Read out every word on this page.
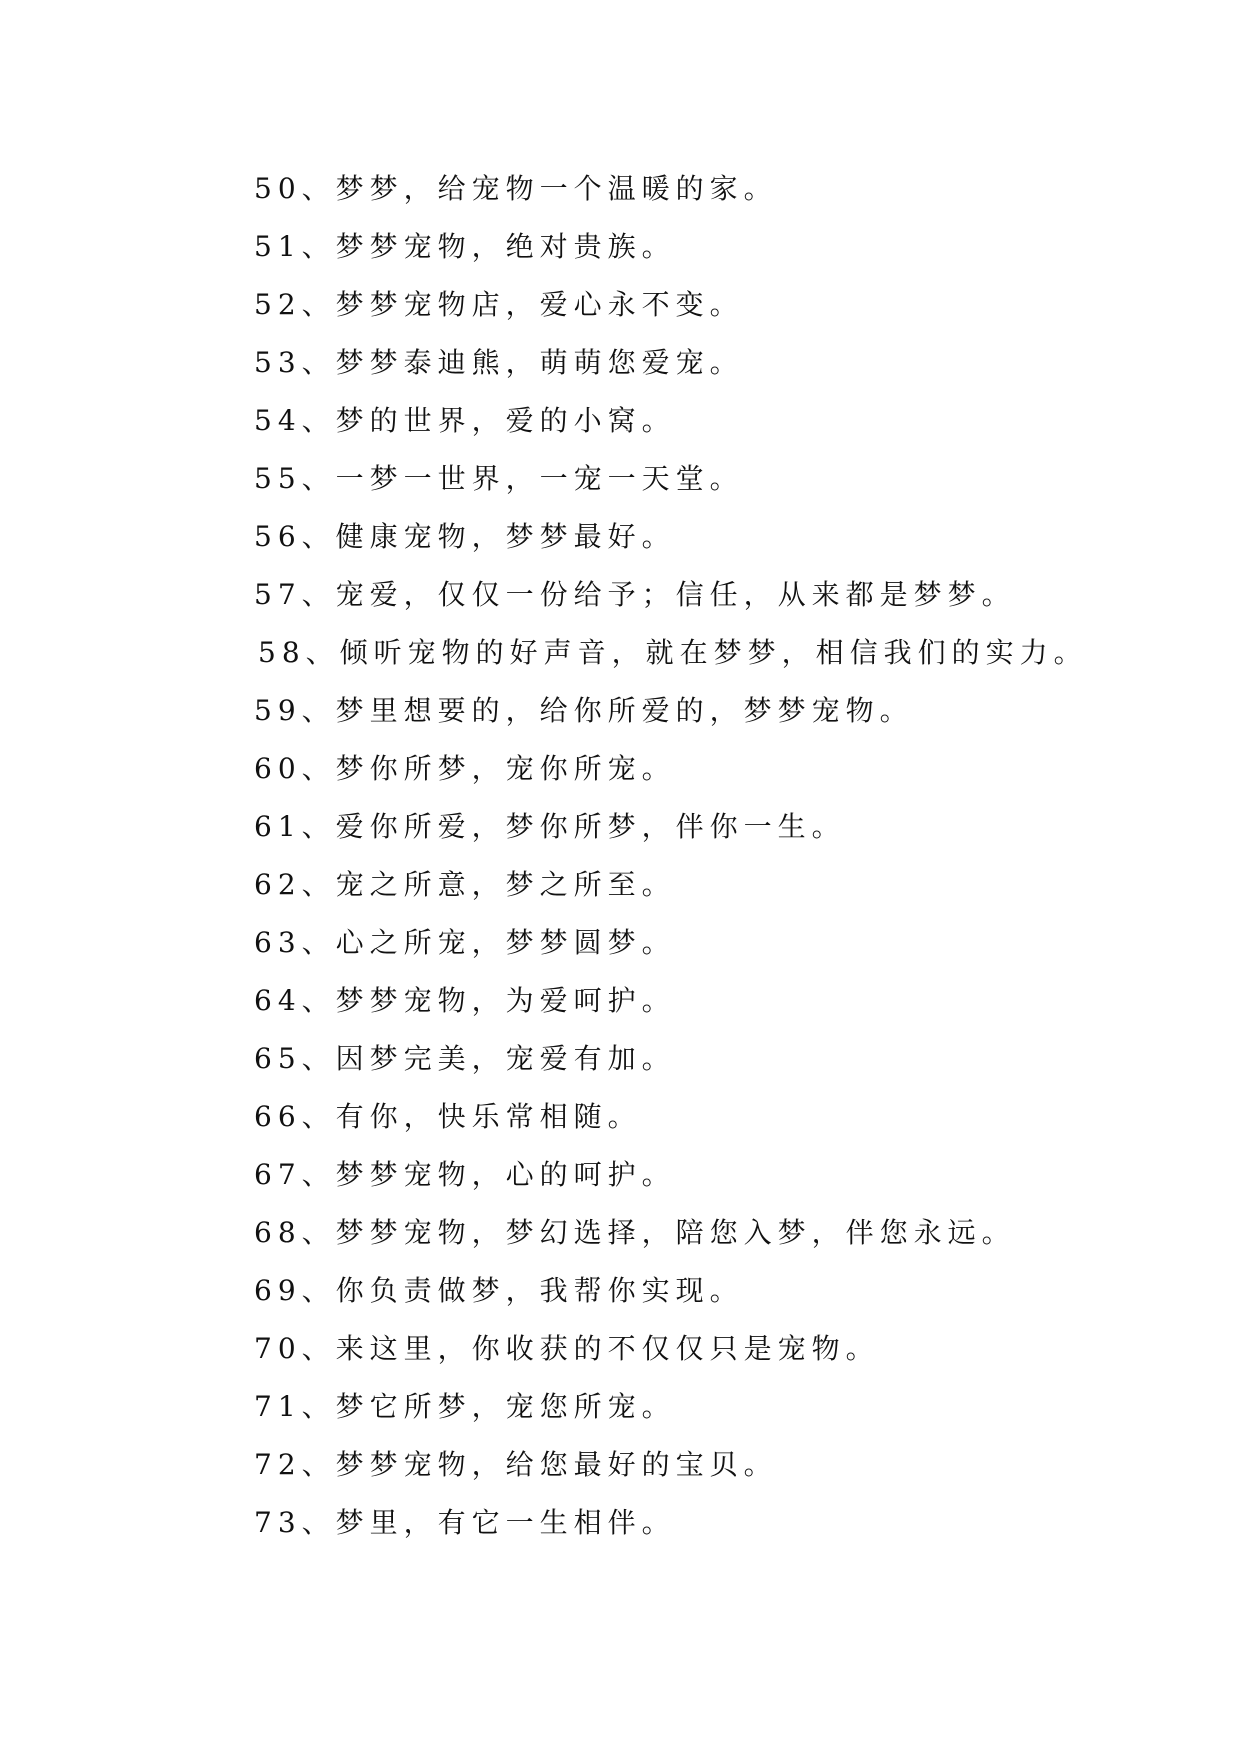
50、梦梦，给宠物一个温暖的家。
51、梦梦宠物，绝对贵族。
52、梦梦宠物店，爱心永不变。
53、梦梦泰迪熊，萌萌您爱宠。
54、梦的世界，爱的小窝。
55、一梦一世界，一宠一天堂。
56、健康宠物，梦梦最好。
57、宠爱，仅仅一份给予；信任，从来都是梦梦。
58、倾听宠物的好声音，就在梦梦，相信我们的实力。
59、梦里想要的，给你所爱的，梦梦宠物。
60、梦你所梦，宠你所宠。
61、爱你所爱，梦你所梦，伴你一生。
62、宠之所意，梦之所至。
63、心之所宠，梦梦圆梦。
64、梦梦宠物，为爱呵护。
65、因梦完美，宠爱有加。
66、有你，快乐常相随。
67、梦梦宠物，心的呵护。
68、梦梦宠物，梦幻选择，陪您入梦，伴您永远。
69、你负责做梦，我帮你实现。
70、来这里，你收获的不仅仅只是宠物。
71、梦它所梦，宠您所宠。
72、梦梦宠物，给您最好的宝贝。
73、梦里，有它一生相伴。
